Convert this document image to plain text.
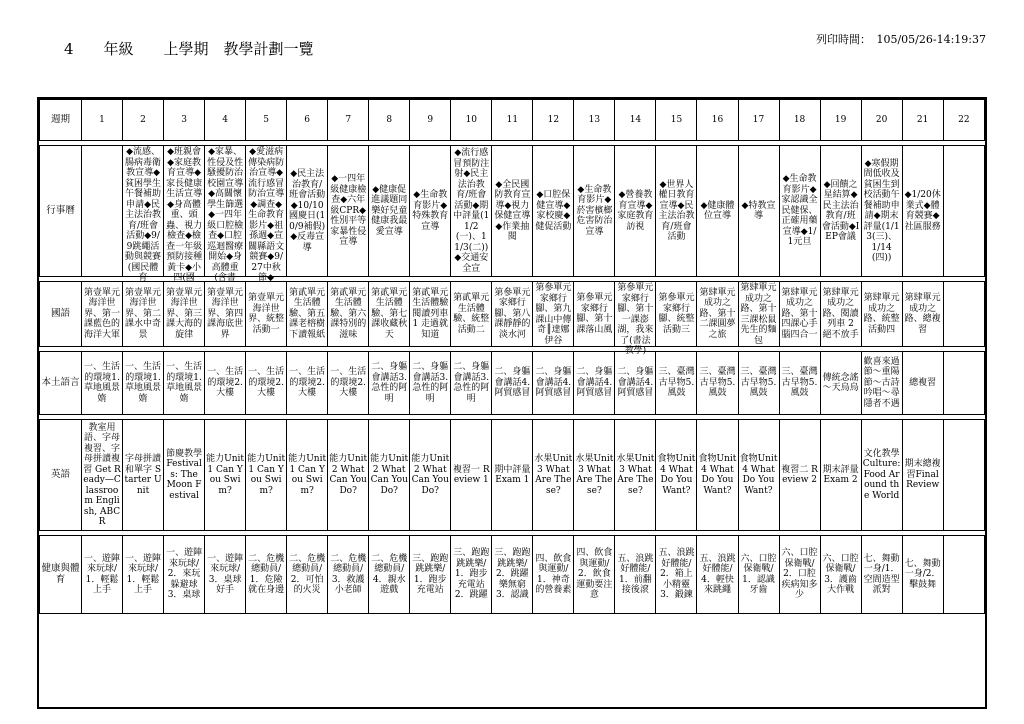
4　　年級　　上學期　教學計劃一覽
列印時間：　105/05/26-14:19:37
週期	1	2	3	4	5	6	7	8	9	10	11	12	13	14	15	16	17	18	19	20	21	22

行事曆		◆流感、腸病毒衛教宣導◆貧困學生午餐補助申請◆民主法治教育/班會活動◆9/9跳繩活動與競賽(國民體育	◆班親會◆家庭教育宣導◆家長健康生活宣導◆身高體重、頭蟲、視力檢查◆檢查一年級預防接種黃卡◆小四(國	◆家暴、性侵及性騷擾防治校園宣導◆高關懷學生篩選◆一四年級口腔檢查◆口腔巡迴醫療開始◆身高體重(含書	◆愛滋病傳染病防治宣導◆流行感冒防治宣導◆調查◆生命教育影片◆祖孫週◆宣關縣語文競賽◆9/27中秋節◆	◆民主法治教育/班會活動◆10/10國慶日(10/9補假)◆反毒宣導	◆一四年級健康檢查◆六年級CPR◆性別平等家暴性侵宣導	◆健康促進議題同樂好兒童健康我最愛宣導	◆生命教育影片◆特殊教育宣導	◆流行感冒預防注射◆民主法治教育/班會活動◆期中評量(11/2(一)、11/3(二))◆交通安全宣	◆全民國防教育宣導◆視力保健宣導◆作業抽閱	◆口腔保健宣導◆家校慶◆健促活動	◆生命教育影片◆菸害檳榔危害防治宣導	◆營養教育宣導◆家庭教育訪視	◆世界人權日教育宣導◆民主法治教育/班會活動	◆健康體位宣導	◆特教宣導	◆生命教育影片◆家認識全民健保、正確用藥宣導◆1/1元旦	◆回饋之星結算◆民主法治教育/班會活動◆IEP會議	◆寒假期間低收及貧困生到校活動午餐補助申請◆期末評量(1/13(三)、1/14(四))	◆1/20休業式◆體育競賽◆社區服務	

國語	第壹單元海洋世界、第一課藍色的海洋大軍	第壹單元海洋世界、第二課水中奇景	第壹單元海洋世界、第三課大海的旋律	第壹單元海洋世界、第四課海底世界	第壹單元海洋世界、統整活動一	第貳單元生活體驗、第五課老榕樹下讀報紙	第貳單元生活體驗、第六課特別的滋味	第貳單元生活體驗、第七課收藏秋天	第貳單元生活體驗閱讀列車 1 走過就知道	第貳單元生活體驗、統整活動二	第參單元家鄉行腳、第八課靜靜的淡水河	第參單元家鄉行腳、第九課山中傳奇║達娜伊谷	第參單元家鄉行腳、第十課落山風	第參單元家鄉行腳、第十一課澎湖，我來了(書法教學)	第參單元家鄉行腳、統整活動三	第肆單元成功之路、第十二課圓夢之旅	第肆單元成功之路、第十三課松鼠先生的麵包	第肆單元成功之路、第十四課心手腦四合一	第肆單元成功之路、閱讀列車 2 絕不放手	第肆單元成功之路、統整活動四	第肆單元成功之路、總複習	

本土語言	一、生活的環境1.草地風景媠	一、生活的環境1.草地風景媠	一、生活的環境1.草地風景媠	一、生活的環境2.大樓	一、生活的環境2.大樓	一、生活的環境2.大樓	一、生活的環境2.大樓	二、身軀會講話3.急性的阿明	二、身軀會講話3.急性的阿明	二、身軀會講話3.急性的阿明	二、身軀會講話4.阿貿感冒	二、身軀會講話4.阿貿感冒	二、身軀會講話4.阿貿感冒	二、身軀會講話4.阿貿感冒	三、臺灣古早物5.風鼓	三、臺灣古早物5.風鼓	三、臺灣古早物5.風鼓	三、臺灣古早物5.風鼓	傳統念謠～天烏烏	歡喜來過節～重陽節～古詩吟唱～尋隱者不遇	總複習	

英語	教室用語、字母複習、字母拼讀複習 Get Ready—Classroom English, ABC R	字母拼讀和單字 Starter Unit	節慶教學 Festivals: The Moon Festival	能力Unit 1 Can You Swim?	能力Unit 1 Can You Swim?	能力Unit 1 Can You Swim?	能力Unit 2 What Can You Do?	能力Unit 2 What Can You Do?	能力Unit 2 What Can You Do?	複習一 Review 1	期中評量 Exam 1	水果Unit 3 What Are These?	水果Unit 3 What Are These?	水果Unit 3 What Are These?	食物Unit 4 What Do You Want?	食物Unit 4 What Do You Want?	食物Unit 4 What Do You Want?	複習二 Review 2	期末評量 Exam 2	文化教學 Culture: Food Around the World	期末總複習Final Review	

健康與體育	一、遊陣來玩球/1．輕鬆上手	一、遊陣來玩球/1．輕鬆上手	一、遊陣來玩球/2．來玩躲避球3．桌球	一、遊陣來玩球/3．桌球好手	二、危機總動員/1．危險就在身邊	二、危機總動員/2．可怕的火災	二、危機總動員/3．救護小老師	二、危機總動員/4．親水遊戲	三、跑跑跳跳樂/1．跑步充電站	三、跑跑跳跳樂/1．跑步充電站2．跳躍	三、跑跑跳跳樂/2．跳躍樂無窮3．認識	四、飲食與運動/1．神奇的營養素	四、飲食與運動/2．飲食運動要注意	五、浪跳好體能/1．前翻接後滾	五、浪跳好體能/2．箱上小精靈3．鍛鍊	五、浪跳好體能/4．輕快來跳繩	六、口腔保衛戰/1．認識牙齒	六、口腔保衛戰/2．口腔疾病知多少	六、口腔保衛戰/3．護齒大作戰	七、舞動一身/1．空間造型派對	七、舞動一身/2．擊鼓舞	
